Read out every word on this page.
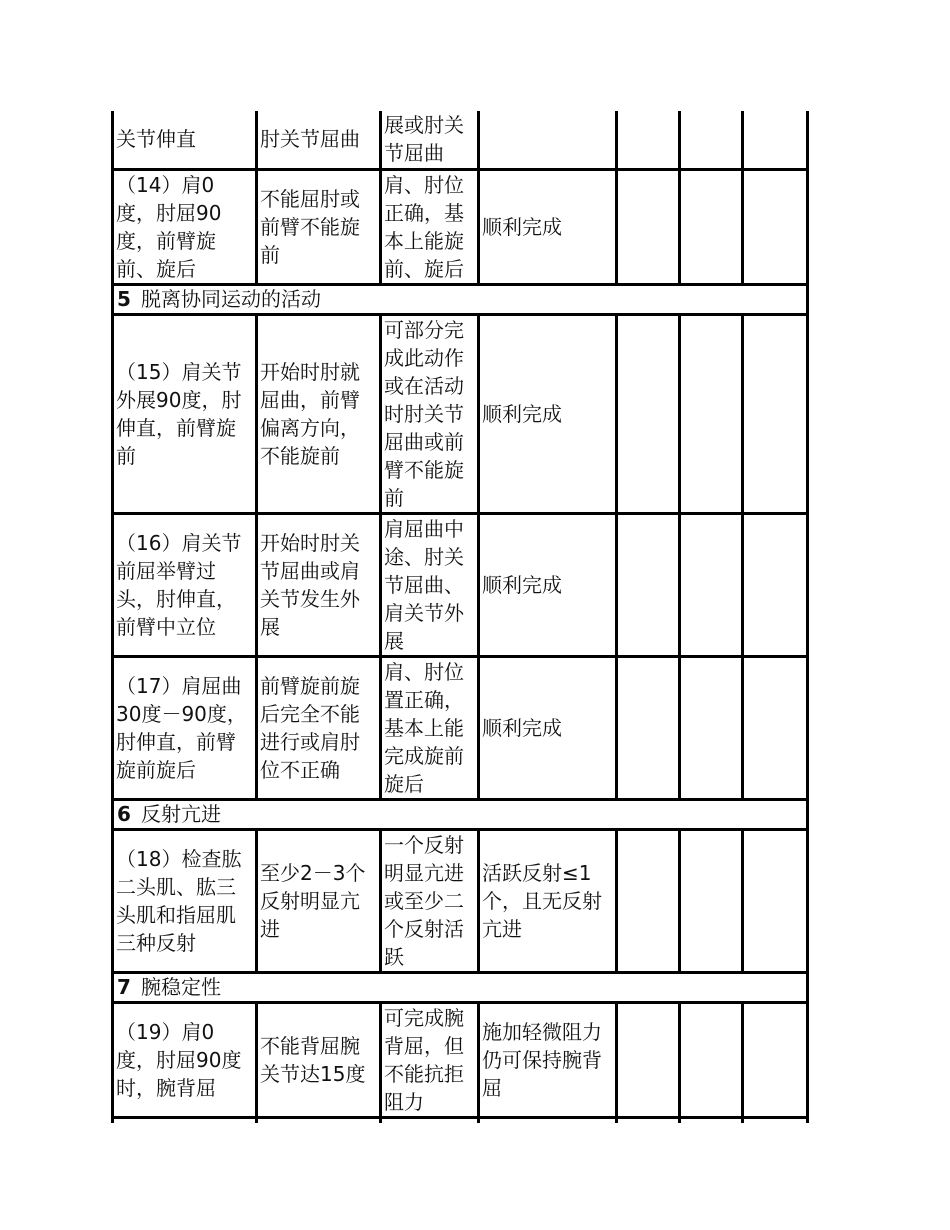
关节伸直	肘关节屈曲	展或肘关节屈曲				
（14）肩0度，肘屈90度，前臂旋前、旋后	不能屈肘或前臂不能旋前	肩、肘位正确，基本上能旋前、旋后	顺利完成			
5 脱离协同运动的活动						
（15）肩关节外展90度，肘伸直，前臂旋前	开始时肘就屈曲，前臂偏离方向，不能旋前	可部分完成此动作或在活动时肘关节屈曲或前臂不能旋前	顺利完成			
（16）肩关节前屈举臂过头，肘伸直，前臂中立位	开始时肘关节屈曲或肩关节发生外展	肩屈曲中途、肘关节屈曲、肩关节外展	顺利完成			
（17）肩屈曲30度－90度，肘伸直，前臂旋前旋后	前臂旋前旋后完全不能进行或肩肘位不正确	肩、肘位置正确，基本上能完成旋前旋后	顺利完成			
6 反射亢进						
（18）检查肱二头肌、肱三头肌和指屈肌三种反射	至少2－3个反射明显亢进	一个反射明显亢进或至少二个反射活跃	活跃反射≤1个，且无反射亢进			
7 腕稳定性						
（19）肩0度，肘屈90度时，腕背屈	不能背屈腕关节达15度	可完成腕背屈，但不能抗拒阻力	施加轻微阻力仍可保持腕背屈			
